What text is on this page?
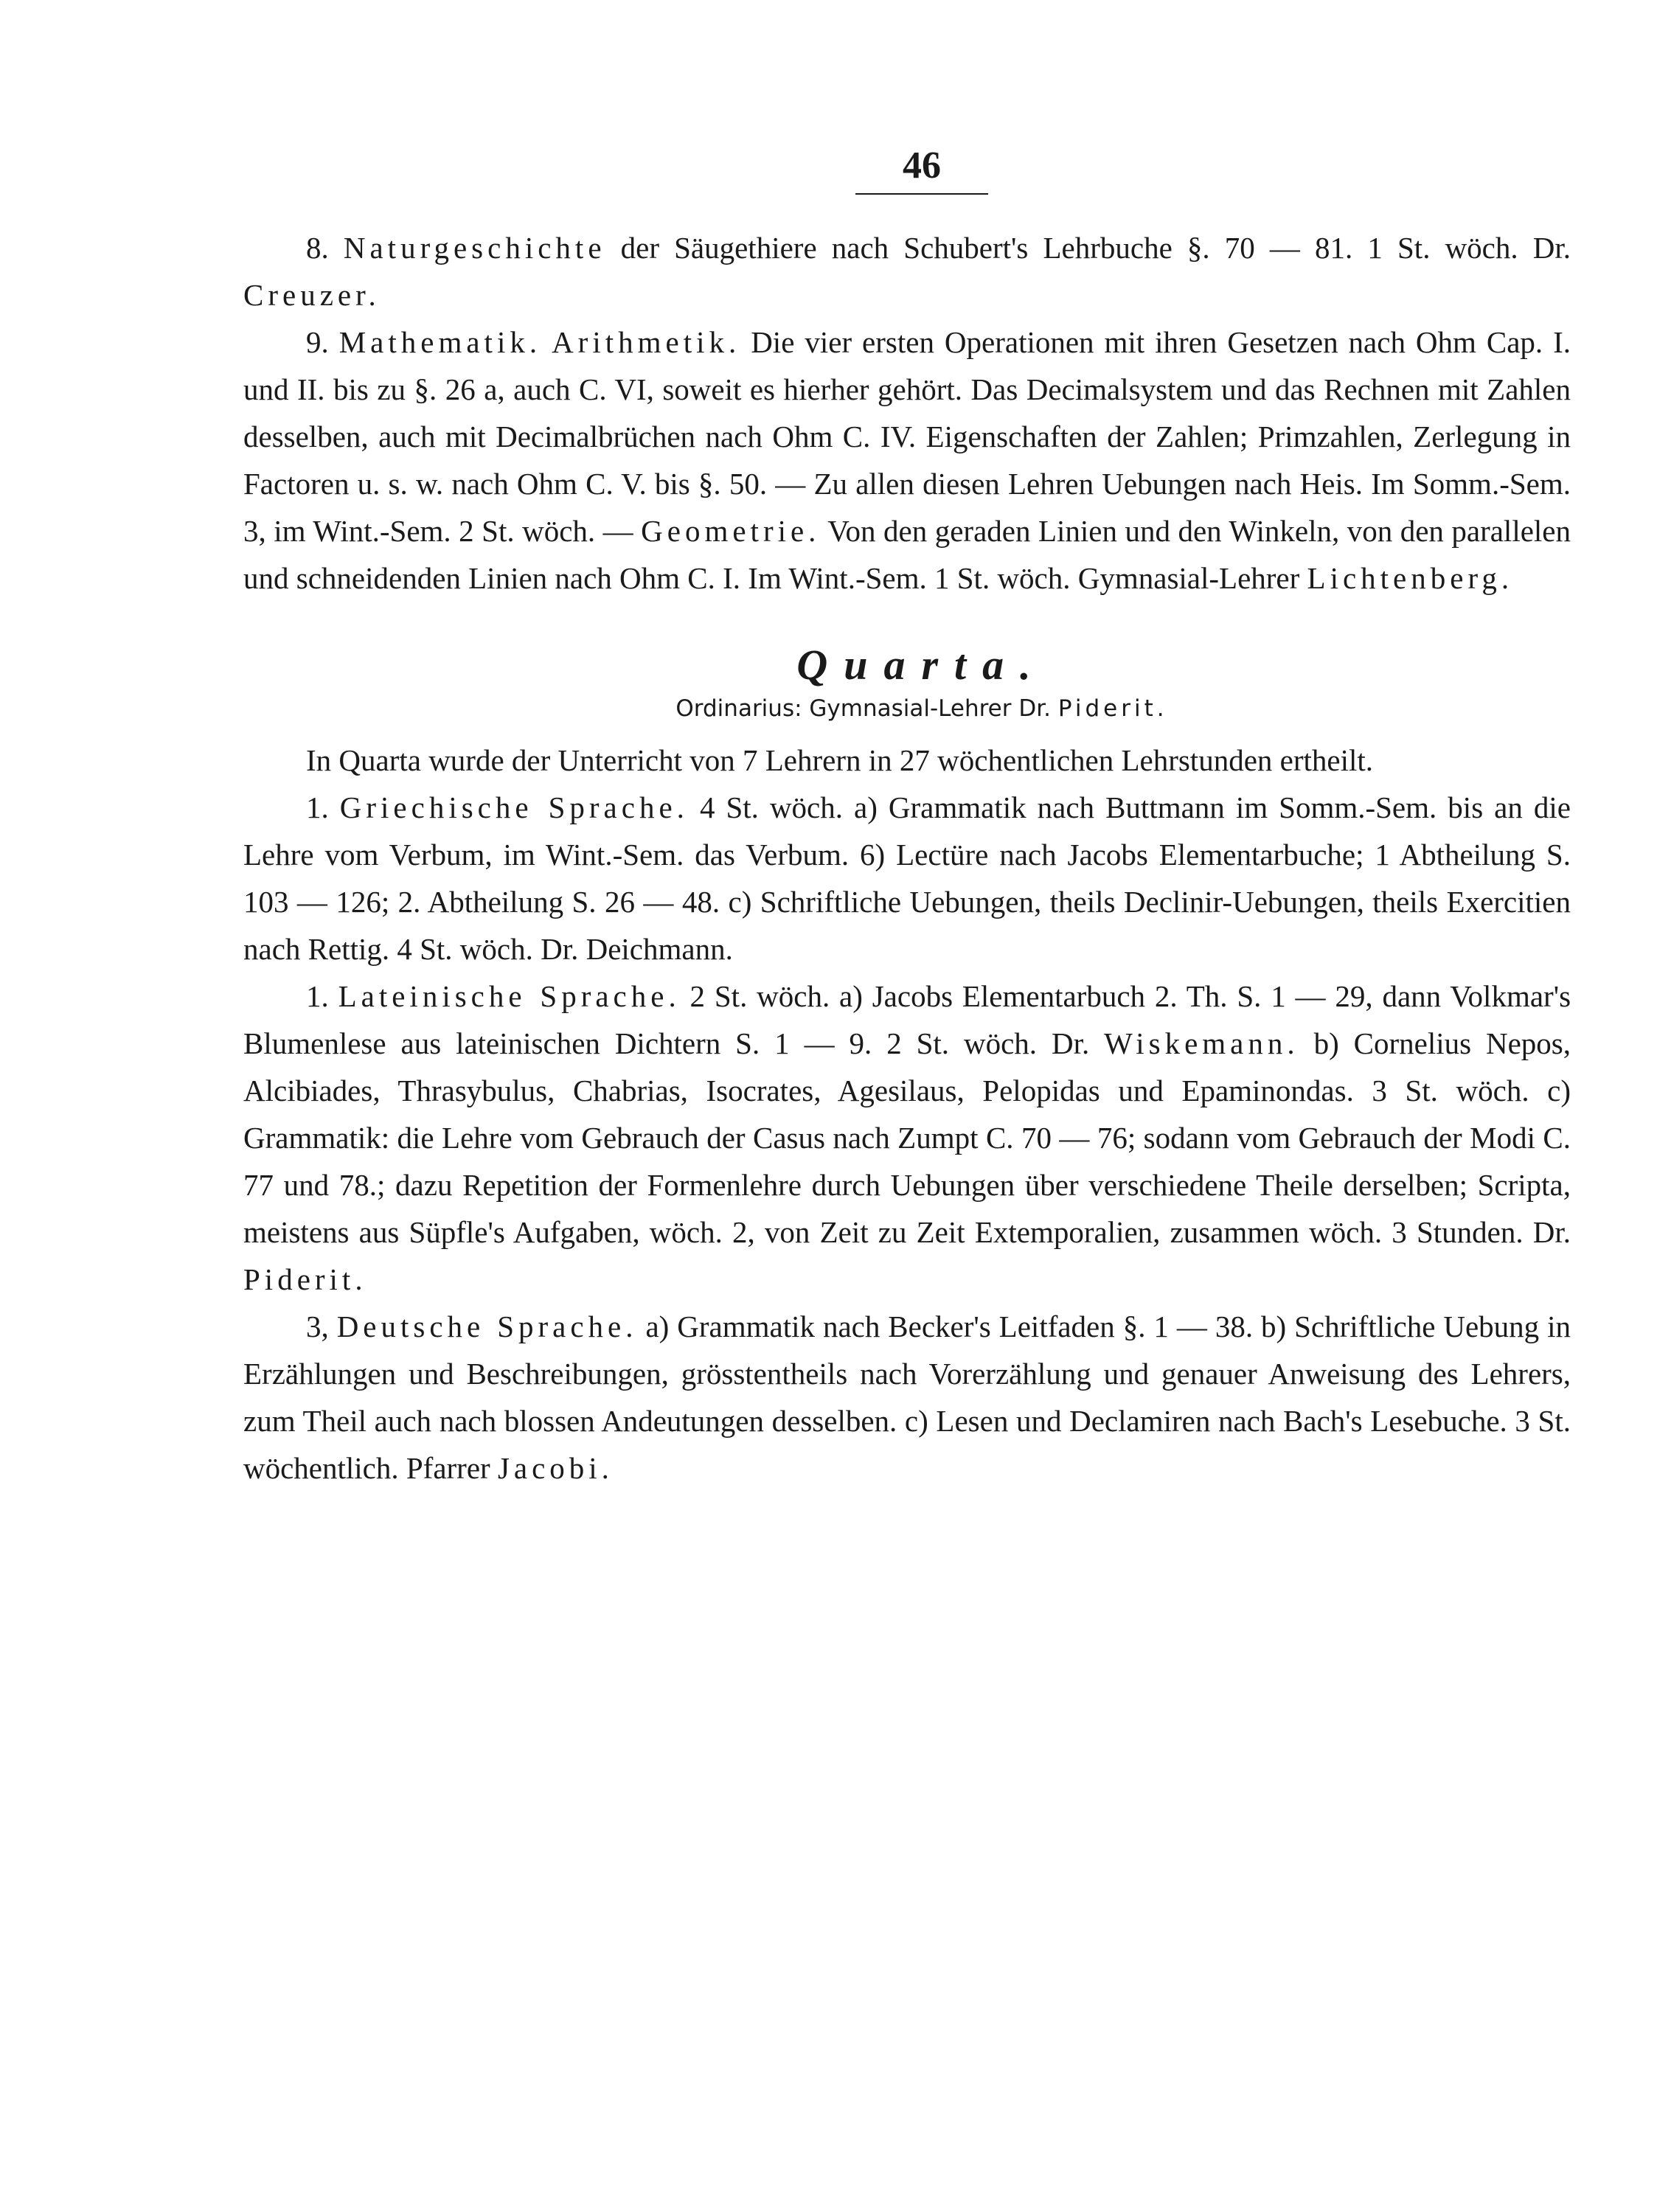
46

8. Naturgeschichte der Säugethiere nach Schubert's Lehrbuche §. 70 — 81. 1 St. wöch. Dr. Creuzer.

9. Mathematik. Arithmetik. Die vier ersten Operationen mit ihren Gesetzen nach Ohm Cap. I. und II. bis zu §. 26 a, auch C. VI, soweit es hierher gehört. Das Decimalsystem und das Rechnen mit Zahlen desselben, auch mit Decimalbrüchen nach Ohm C. IV. Eigenschaften der Zahlen; Primzahlen, Zerlegung in Factoren u. s. w. nach Ohm C. V. bis §. 50. — Zu allen diesen Lehren Uebungen nach Heis. Im Somm.-Sem. 3, im Wint.-Sem. 2 St. wöch. — Geometrie. Von den geraden Linien und den Winkeln, von den parallelen und schneidenden Linien nach Ohm C. I. Im Wint.-Sem. 1 St. wöch. Gymnasial-Lehrer Lichtenberg.

Quarta.
Ordinarius: Gymnasial-Lehrer Dr. Piderit.

In Quarta wurde der Unterricht von 7 Lehrern in 27 wöchentlichen Lehrstunden ertheilt.

1. Griechische Sprache. 4 St. wöch. a) Grammatik nach Buttmann im Somm.-Sem. bis an die Lehre vom Verbum, im Wint.-Sem. das Verbum. 6) Lectüre nach Jacobs Elementarbuche; 1 Abtheilung S. 103 — 126; 2. Abtheilung S. 26 — 48. c) Schriftliche Uebungen, theils Declinir-Uebungen, theils Exercitien nach Rettig. 4 St. wöch. Dr. Deichmann.

1. Lateinische Sprache. 2 St. wöch. a) Jacobs Elementarbuch 2. Th. S. 1 — 29, dann Volkmar's Blumenlese aus lateinischen Dichtern S. 1 — 9. 2 St. wöch. Dr. Wiskemann. b) Cornelius Nepos, Alcibiades, Thrasybulus, Chabrias, Isocrates, Agesilaus, Pelopidas und Epaminondas. 3 St. wöch. c) Grammatik: die Lehre vom Gebrauch der Casus nach Zumpt C. 70 — 76; sodann vom Gebrauch der Modi C. 77 und 78.; dazu Repetition der Formenlehre durch Uebungen über verschiedene Theile derselben; Scripta, meistens aus Süpfle's Aufgaben, wöch. 2, von Zeit zu Zeit Extemporalien, zusammen wöch. 3 Stunden. Dr. Piderit.

3, Deutsche Sprache. a) Grammatik nach Becker's Leitfaden §. 1 — 38. b) Schriftliche Uebung in Erzählungen und Beschreibungen, grösstentheils nach Vorerzählung und genauer Anweisung des Lehrers, zum Theil auch nach blossen Andeutungen desselben. c) Lesen und Declamiren nach Bach's Lesebuche. 3 St. wöchentlich. Pfarrer Jacobi.
